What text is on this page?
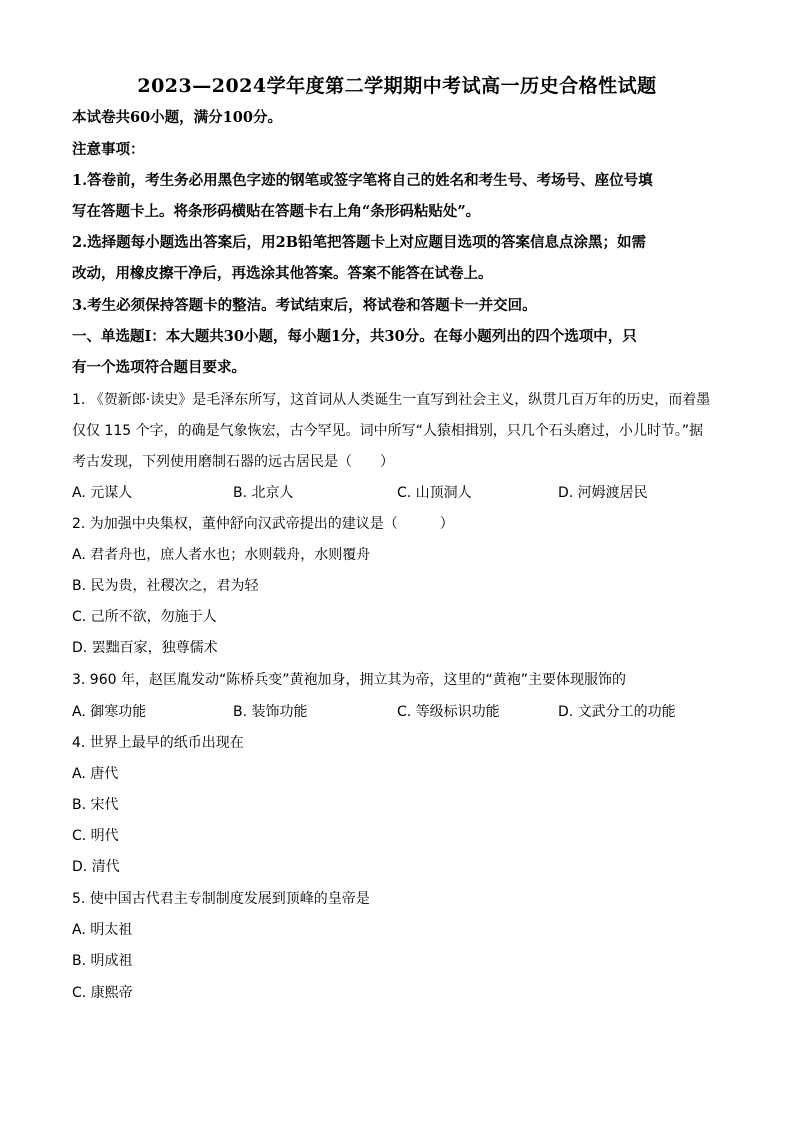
2023—2024学年度第二学期期中考试高一历史合格性试题
本试卷共60小题，满分100分。
注意事项：
1.答卷前，考生务必用黑色字迹的钢笔或签字笔将自己的姓名和考生号、考场号、座位号填
写在答题卡上。将条形码横贴在答题卡右上角“条形码粘贴处”。
2.选择题每小题选出答案后，用2B铅笔把答题卡上对应题目选项的答案信息点涂黑；如需
改动，用橡皮擦干净后，再选涂其他答案。答案不能答在试卷上。
3.考生必须保持答题卡的整洁。考试结束后，将试卷和答题卡一并交回。
一、单选题Ⅰ：本大题共30小题，每小题1分，共30分。在每小题列出的四个选项中，只
有一个选项符合题目要求。
1. 《贺新郎·读史》是毛泽东所写，这首词从人类诞生一直写到社会主义，纵贯几百万年的历史，而着墨
仅仅 115 个字，的确是气象恢宏，古今罕见。词中所写“人猿相揖别，只几个石头磨过，小儿时节。”据
考古发现，下列使用磨制石器的远古居民是（　　）
A. 元谋人	B. 北京人	C. 山顶洞人	D. 河姆渡居民
2. 为加强中央集权，董仲舒向汉武帝提出的建议是（　　　）
A. 君者舟也，庶人者水也；水则载舟，水则覆舟
B. 民为贵，社稷次之，君为轻
C. 己所不欲，勿施于人
D. 罢黜百家，独尊儒术
3. 960 年，赵匡胤发动“陈桥兵变”黄袍加身，拥立其为帝，这里的“黄袍”主要体现服饰的
A. 御寒功能	B. 装饰功能	C. 等级标识功能	D. 文武分工的功能
4. 世界上最早的纸币出现在
A. 唐代
B. 宋代
C. 明代
D. 清代
5. 使中国古代君主专制制度发展到顶峰的皇帝是
A. 明太祖
B. 明成祖
C. 康熙帝
